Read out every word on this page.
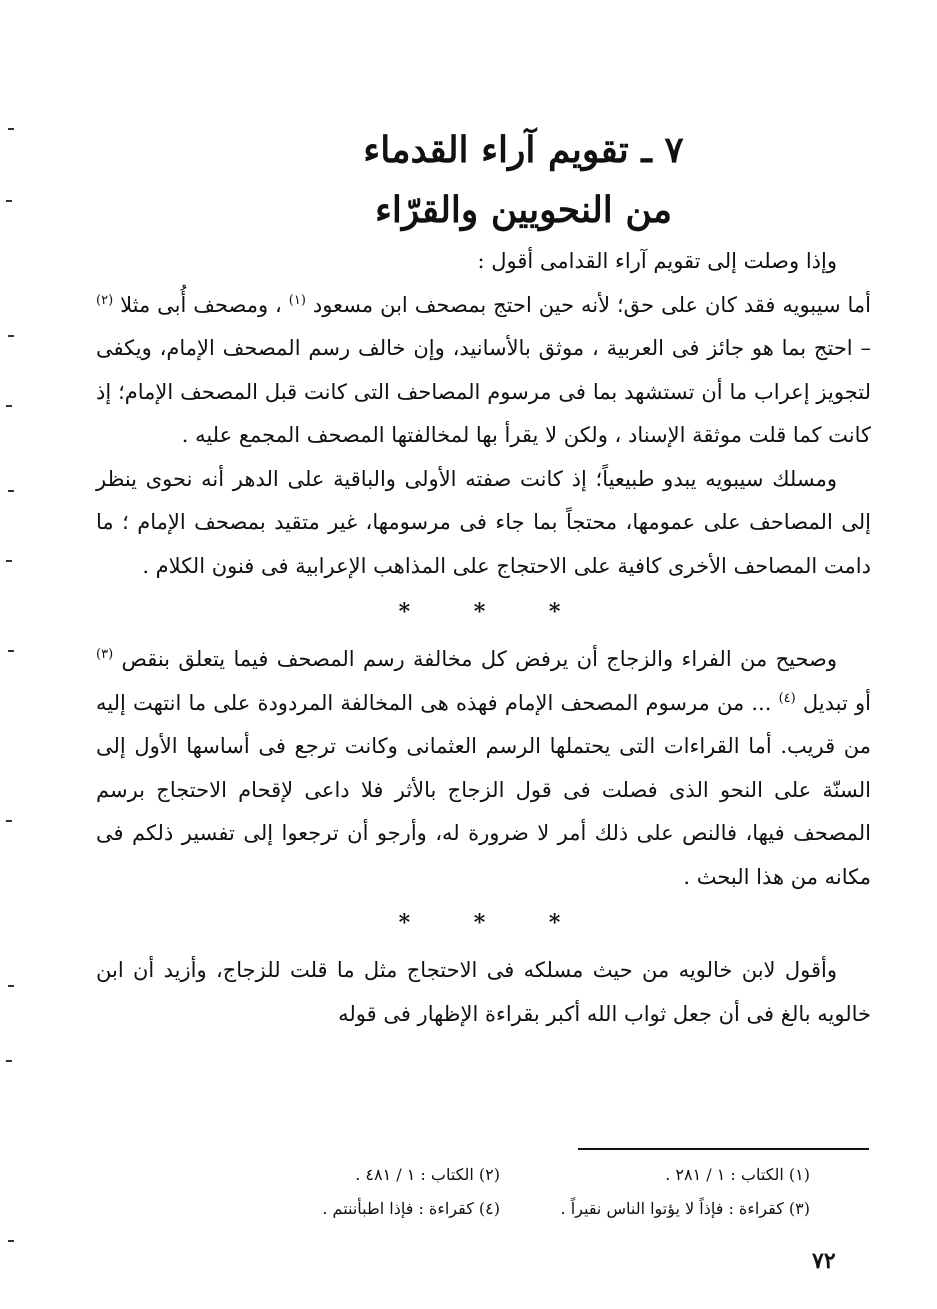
٧ ـ تقويم آراء القدماء
من النحويين والقرّاء

وإذا وصلت إلى تقويم آراء القدامى أقول :

أما سيبويه فقد كان على حق؛ لأنه حين احتج بمصحف ابن مسعود $^{(١)}$ ، ومصحف أُبى مثلا $^{(٢)}$ – احتج بما هو جائز فى العربية ، موثق بالأسانيد، وإن خالف رسم المصحف الإمام، ويكفى لتجويز إعراب ما أن تستشهد بما فى مرسوم المصاحف التى كانت قبل المصحف الإمام؛ إذ كانت كما قلت موثقة الإسناد ، ولكن لا يقرأ بها لمخالفتها المصحف المجمع عليه .

ومسلك سيبويه يبدو طبيعياً؛ إذ كانت صفته الأولى والباقية على الدهر أنه نحوى ينظر إلى المصاحف على عمومها، محتجاً بما جاء فى مرسومها، غير متقيد بمصحف الإمام ؛ ما دامت المصاحف الأخرى كافية على الاحتجاج على المذاهب الإعرابية فى فنون الكلام .

* * *

وصحيح من الفراء والزجاج أن يرفض كل مخالفة رسم المصحف فيما يتعلق بنقص $^{(٣)}$ أو تبديل $^{(٤)}$ ... من مرسوم المصحف الإمام فهذه هى المخالفة المردودة على ما انتهت إليه من قريب. أما القراءات التى يحتملها الرسم العثمانى وكانت ترجع فى أساسها الأول إلى السنّة على النحو الذى فصلت فى قول الزجاج بالأثر فلا داعى لإقحام الاحتجاج برسم المصحف فيها، فالنص على ذلك أمر لا ضرورة له، وأرجو أن ترجعوا إلى تفسير ذلكم فى مكانه من هذا البحث .

* * *

وأقول لابن خالويه من حيث مسلكه فى الاحتجاج مثل ما قلت للزجاج، وأزيد أن ابن خالويه بالغ فى أن جعل ثواب الله أكبر بقراءة الإظهار فى قوله

(١) الكتاب : ١ / ٢٨١ .
(٢) الكتاب : ١ / ٤٨١ .
(٣) كقراءة : فإذاً لا يؤتوا الناس نقيراً .
(٤) كقراءة : فإذا اطبأننتم .
٧٢
